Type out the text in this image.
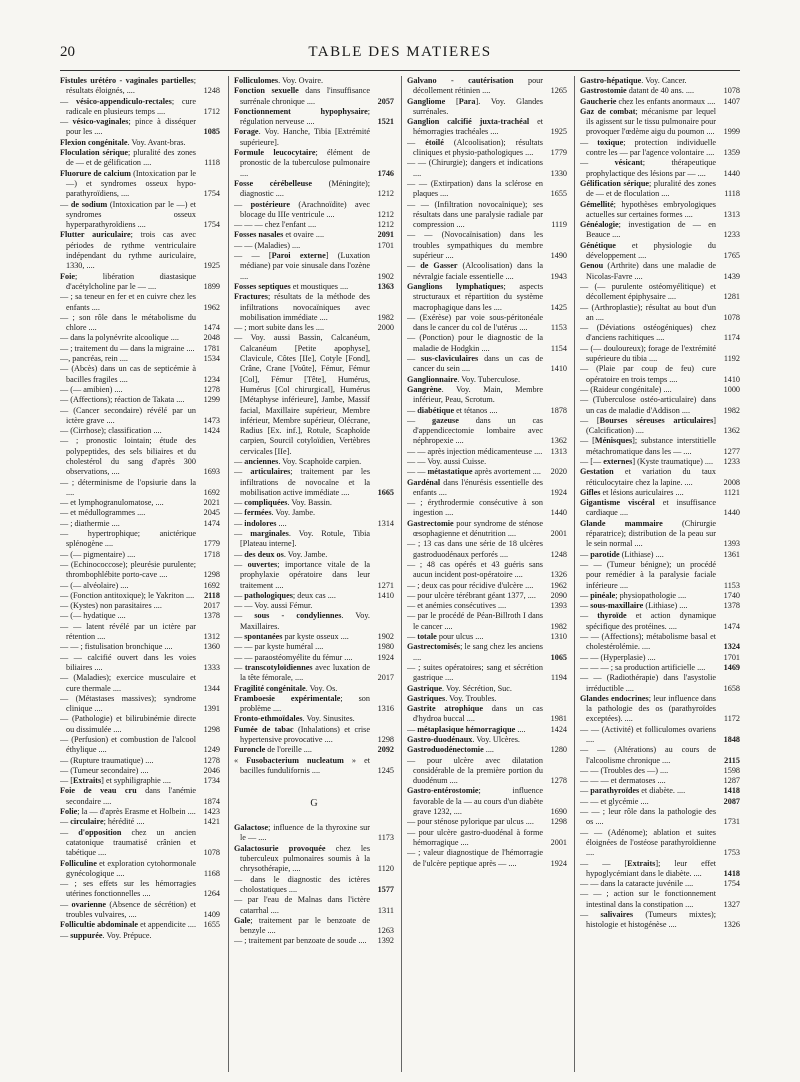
20	TABLE DES MATIERES
Fistules urétéro - vaginales partielles; résultats éloignés, ....	1248
— vésico-appendiculo-rectales; cure radicale en plusieurs temps ....	1712
— vésico-vaginales; pince à disséquer pour les ....	1085
Flexion congénitale. Voy. Avant-bras.
Floculation sérique; pluralité des zones de — et de gélification ....	1118
Fluorure de calcium (Intoxication par le —) et syndromes osseux hypo-parathyroïdiens, ....	1754
— de sodium (Intoxication par le —) et syndromes osseux hyperparathyroïdiens ....	1754
Flutter auriculaire; trois cas avec périodes de rythme ventriculaire indépendant du rythme auriculaire, 1330, ....	1925
Foie; libération diastasique d'acétylcholine par le — ....	1899
— ; sa teneur en fer et en cuivre chez les enfants ....	1962
— ; son rôle dans le métabolisme du chlore ....	1474
— dans la polynévrite alcoolique ....	2048
— ; traitement du — dans la migraine .... 1781
—, pancréas, rein ....	1534
— (Abcès) dans un cas de septicémie à bacilles fragiles ....	1234
— (— amibien) ....	1278
— (Affections); réaction de Takata .... 1299
— (Cancer secondaire) révélé par un ictère grave ....	1473
— (Cirrhose); classification ....	1424
— ; pronostic lointain; étude des polypeptides, des sels biliaires et du cholestérol du sang d'après 300 observations, ....	1693
— ; déterminisme de l'opsiurie dans la ....	1692
— et lymphogranulomatose, ....	2021
— et médullogrammes ....	2045
— ; diathermie ....	1474
— hypertrophique; anictérique splénogène ....	1779
— (— pigmentaire) ....	1718
— (Echinococcose); pleurésie purulente; thrombophlébite porto-cave ....	1298
— (— alvéolaire) ....	1692
— (Fonction antitoxique); le Yakriton .... 2118
— (Kystes) non parasitaires ....	2017
— (— hydatique ....	1378
— — latent révélé par un ictère par rétention ....	1312
— — ; fistulisation bronchique ....	1360
— — calcifié ouvert dans les voies biliaires ....	1333
— (Maladies); exercice musculaire et cure thermale ....	1344
— (Métastases massives); syndrome clinique ....	1391
— (Pathologie) et bilirubinémie directe ou dissimulée ....	1298
— (Perfusion) et combustion de l'alcool éthylique ....	1249
— (Rupture traumatique) ....	1278
— (Tumeur secondaire) ....	2046
— [Extraits] et syphiligraphie ....	1734
Foie de veau cru dans l'anémie secondaire ....	1874
Folie; la — d'après Erasme et Holbein .... 1423
— circulaire; hérédité ....	1421
— d'opposition chez un ancien catatonique traumatisé crânien et tabétique ....	1078
Folliculine et exploration cytohormonale gynécologique ....	1168
— ; ses effets sur les hémorragies utérines fonctionnelles ....	1264
— ovarienne (Absence de sécrétion) et troubles vulvaires, ....	1409
Follicultie abdominale et appendicite .... 1655
— suppurée. Voy. Prépuce.
Folliculomes. Voy. Ovaire.
Fonction sexuelle dans l'insuffisance surrénale chronique ....	2057
Fonctionnement hypophysaire; régulation nerveuse ....	1521
Forage. Voy. Hanche, Tibia [Extrémité supérieure].
Formule leucocytaire; élément de pronostic de la tuberculose pulmonaire ....	1746
Fosse cérébelleuse (Méningite); diagnostic ....	1212
— postérieure (Arachnoïdite) avec blocage du IIIe ventricule ....	1212
— — — chez l'enfant ....	1212
Fosses nasales et ovaire ....	2091
— — (Maladies) ....	1701
— — [Paroi externe] (Luxation médiane) par voie sinusale dans l'ozène ....	1902
Fosses septiques et moustiques ....	1363
Fractures; résultats de la méthode des infiltrations novocaïniques avec mobilisation immédiate ....	1982
— ; mort subite dans les ....	2000
— Voy. aussi Bassin, Calcanéum, Calcanéum [Petite apophyse], Clavicule, Côtes [IIe], Cotyle [Fond], Crâne, Crane [Voûte], Fémur, Fémur [Col], Fémur [Tête], Humérus, Humérus [Col chirurgical], Humérus [Métaphyse inférieure], Jambe, Massif facial, Maxillaire supérieur, Membre inférieur, Membre supérieur, Olécrane, Radius [Ex. inf.], Rotule, Scaphoïde carpien, Sourcil cotyloïdien, Vertèbres cervicales [IIe].
— anciennes. Voy. Scaphoïde carpien.
— articulaires; traitement par les infiltrations de novocaïne et la mobilisation active immédiate ....	1665
— compliquées. Voy. Bassin.
— fermées. Voy. Jambe.
— indolores ....	1314
— marginales. Voy. Rotule, Tibia [Plateau interne].
— des deux os. Voy. Jambe.
— ouvertes; importance vitale de la prophylaxie opératoire dans leur traitement ....	1271
— pathologiques; deux cas ....	1410
— — Voy. aussi Fémur.
— sous - condyliennes. Voy. Maxillaires.
— spontanées par kyste osseux ....	1902
— — par kyste huméral ....	1980
— — paraostéomyélite du fémur ....	1924
— transcotyloïdiennes avec luxation de la tête fémorale, ....	2017
Fragilité congénitale. Voy. Os.
Framboesie expérimentale; son problème ....	1316
Fronto-ethmoïdales. Voy. Sinusites.
Fumée de tabac (Inhalations) et crise hypertensive provocative ....	1298
Furoncle de l'oreille ....	2092
« Fusobacterium nucleatum » et bacilles fundulifornis ....	1245
G
Galactose; influence de la thyroxine sur le — ....	1173
Galactosurie provoquée chez les tuberculeux pulmonaires soumis à la chrysothérapie, ....	1120
— dans le diagnostic des ictères cholostatiques ....	1577
— par l'eau de Malnas dans l'ictère catarrhal ....	1311
Gale; traitement par le benzoate de benzyle ....	1263
— ; traitement par benzoate de soude .... 1392
Galvano - cautérisation pour décollement rétinien ....	1265
Gangliome [Para]. Voy. Glandes surrénales.
Ganglion calcifié juxta-trachéal et hémorragies trachéales ....	1925
— étoilé (Alcoolisation); résultats cliniques et physio-pathologiques .... 1779
— — (Chirurgie); dangers et indications ....	1330
— — (Extirpation) dans la sclérose en plaques ....	1655
— — (Infiltration novocaïnique); ses résultats dans une paralysie radiale par compression ....	1119
— — (Novocaïnisation) dans les troubles sympathiques du membre supérieur ....	1490
— de Gasser (Alcoolisation) dans la névralgie faciale essentielle ....	1943
Ganglions lymphatiques; aspects structuraux et répartition du système macrophagique dans les ....	1425
— (Exérèse) par voie sous-péritonéale dans le cancer du col de l'utérus ....	1153
— (Ponction) pour le diagnostic de la maladie de Hodgkin ....	1154
— sus-claviculaires dans un cas de cancer du sein ....	1410
Ganglionnaire. Voy. Tuberculose.
Gangrène. Voy. Main, Membre inférieur, Peau, Scrotum.
— diabétique et tétanos ....	1878
— gazeuse dans un cas d'appendicectomie lombaire avec néphropexie ....	1362
— — après injection médicamenteuse .... 1313
— — Voy. aussi Cuisse.
— — métastatique après avortement .... 2020
Gardénal dans l'énurésis essentielle des enfants ....	1924
— ; érythrodermie consécutive à son ingestion ....	1440
Gastrectomie pour syndrome de sténose œsophagienne et dénutrition ....	2001
— ; 13 cas dans une série de 18 ulcères gastroduodénaux perforés ....	1248
— ; 48 cas opérés et 43 guéris sans aucun incident post-opératoire ....	1326
— ; deux cas pour récidive d'ulcère .... 1962
— pour ulcère térébrant géant 1377, .... 2090
— et anémies consécutives ....	1393
— par le procédé de Péan-Billroth I dans le cancer ....	1982
— totale pour ulcus ....	1310
Gastrectomisés; le sang chez les anciens ....	1065
— ; suites opératoires; sang et sécrétion gastrique ....	1194
Gastrique. Voy. Sécrétion, Suc.
Gastriques. Voy. Troubles.
Gastrite atrophique dans un cas d'hydroa buccal ....	1981
— métaplasique hémorragique ....	1424
Gastro-duodénaux. Voy. Ulcères.
Gastroduodénectomie ....	1280
— pour ulcère avec dilatation considérable de la première portion du duodénum ....	1278
Gastro-entérostomie; influence favorable de la — au cours d'un diabète grave 1232, ....	1690
— pour sténose pylorique par ulcus .... 1298
— pour ulcère gastro-duodénal à forme hémorragique ....	2001
— ; valeur diagnostique de l'hémorragie de l'ulcère peptique après — ....	1924
Gastro-hépatique. Voy. Cancer.
Gastrostomie datant de 40 ans. ....	1078
Gaucherie chez les enfants anormaux .... 1407
Gaz de combat; mécanisme par lequel ils agissent sur le tissu pulmonaire pour provoquer l'œdème aigu du poumon .... 1999
— toxique; protection individuelle contre les — par l'agence volontaire .... 1359
— vésicant; thérapeutique prophylactique des lésions par — .... 1440
Gélification sérique; pluralité des zones de — et de floculation ....	1118
Gémellité; hypothèses embryologiques actuelles sur certaines formes ....	1313
Généalogie; investigation de — en Beauce ....	1233
Génétique et physiologie du développement ....	1765
Genou (Arthrite) dans une maladie de Nicolas-Favre ....	1439
— (— purulente ostéomyélitique) et décollement épiphysaire ....	1281
— (Arthroplastie); résultat au bout d'un an ....	1078
— (Déviations ostéogéniques) chez d'anciens rachitiques ....	1174
— (— douloureux); forage de l'extrémité supérieure du tibia ....	1192
— (Plaie par coup de feu) cure opératoire en trois temps ....	1410
— (Raideur congénitale) ....	1000
— (Tuberculose ostéo-articulaire) dans un cas de maladie d'Addison ....	1982
— [Bourses séreuses articulaires] (Calcification) ....	1362
— [Ménisques]; substance interstitielle métachromatique dans les — ....	1277
— [— externes] (Kyste traumatique) .... 1233
Gestation et variation du taux réticulocytaire chez la lapine. ....	2008
Gifles et lésions auriculaires ....	1121
Gigantisme viscéral et insuffisance cardiaque ....	1440
Glande mammaire (Chirurgie réparatrice); distribution de la peau sur le sein normal ....	1393
— parotide (Lithiase) ....	1361
— — (Tumeur bénigne); un procédé pour remédier à la paralysie faciale inférieure ....	1153
— pinéale; physiopathologie ....	1740
— sous-maxillaire (Lithiase) ....	1378
— thyroïde et action dynamique spécifique des protéines. ....	1474
— — (Affections); métabolisme basal et cholestérolémie. ....	1324
— — (Hyperplasie) ....	1701
— — — ; sa production artificielle .... 1469
— — (Radiothérapie) dans l'asystolie irréductible ....	1658
Glandes endocrines; leur influence dans la pathologie des os (parathyroïdes exceptées). ....	1172
— — (Activité) et folliculomes ovariens ....	1848
— — (Altérations) au cours de l'alcoolisme chronique ....	2115
— — (Troubles des —) ....	1598
— — — et dermatoses ....	1287
— parathyroïdes et diabète. ....	1418
— — et glycémie ....	2087
— — ; leur rôle dans la pathologie des os ....	1731
— — (Adénome); ablation et suites éloignées de l'ostéose parathyroïdienne ....	1753
— — [Extraits]; leur effet hypoglycémiant dans le diabète. ....	1418
— — dans la cataracte juvénile ....	1754
— — ; action sur le fonctionnement intestinal dans la constipation ....	1327
— salivaires (Tumeurs mixtes); histologie et histogénèse ....	1326
